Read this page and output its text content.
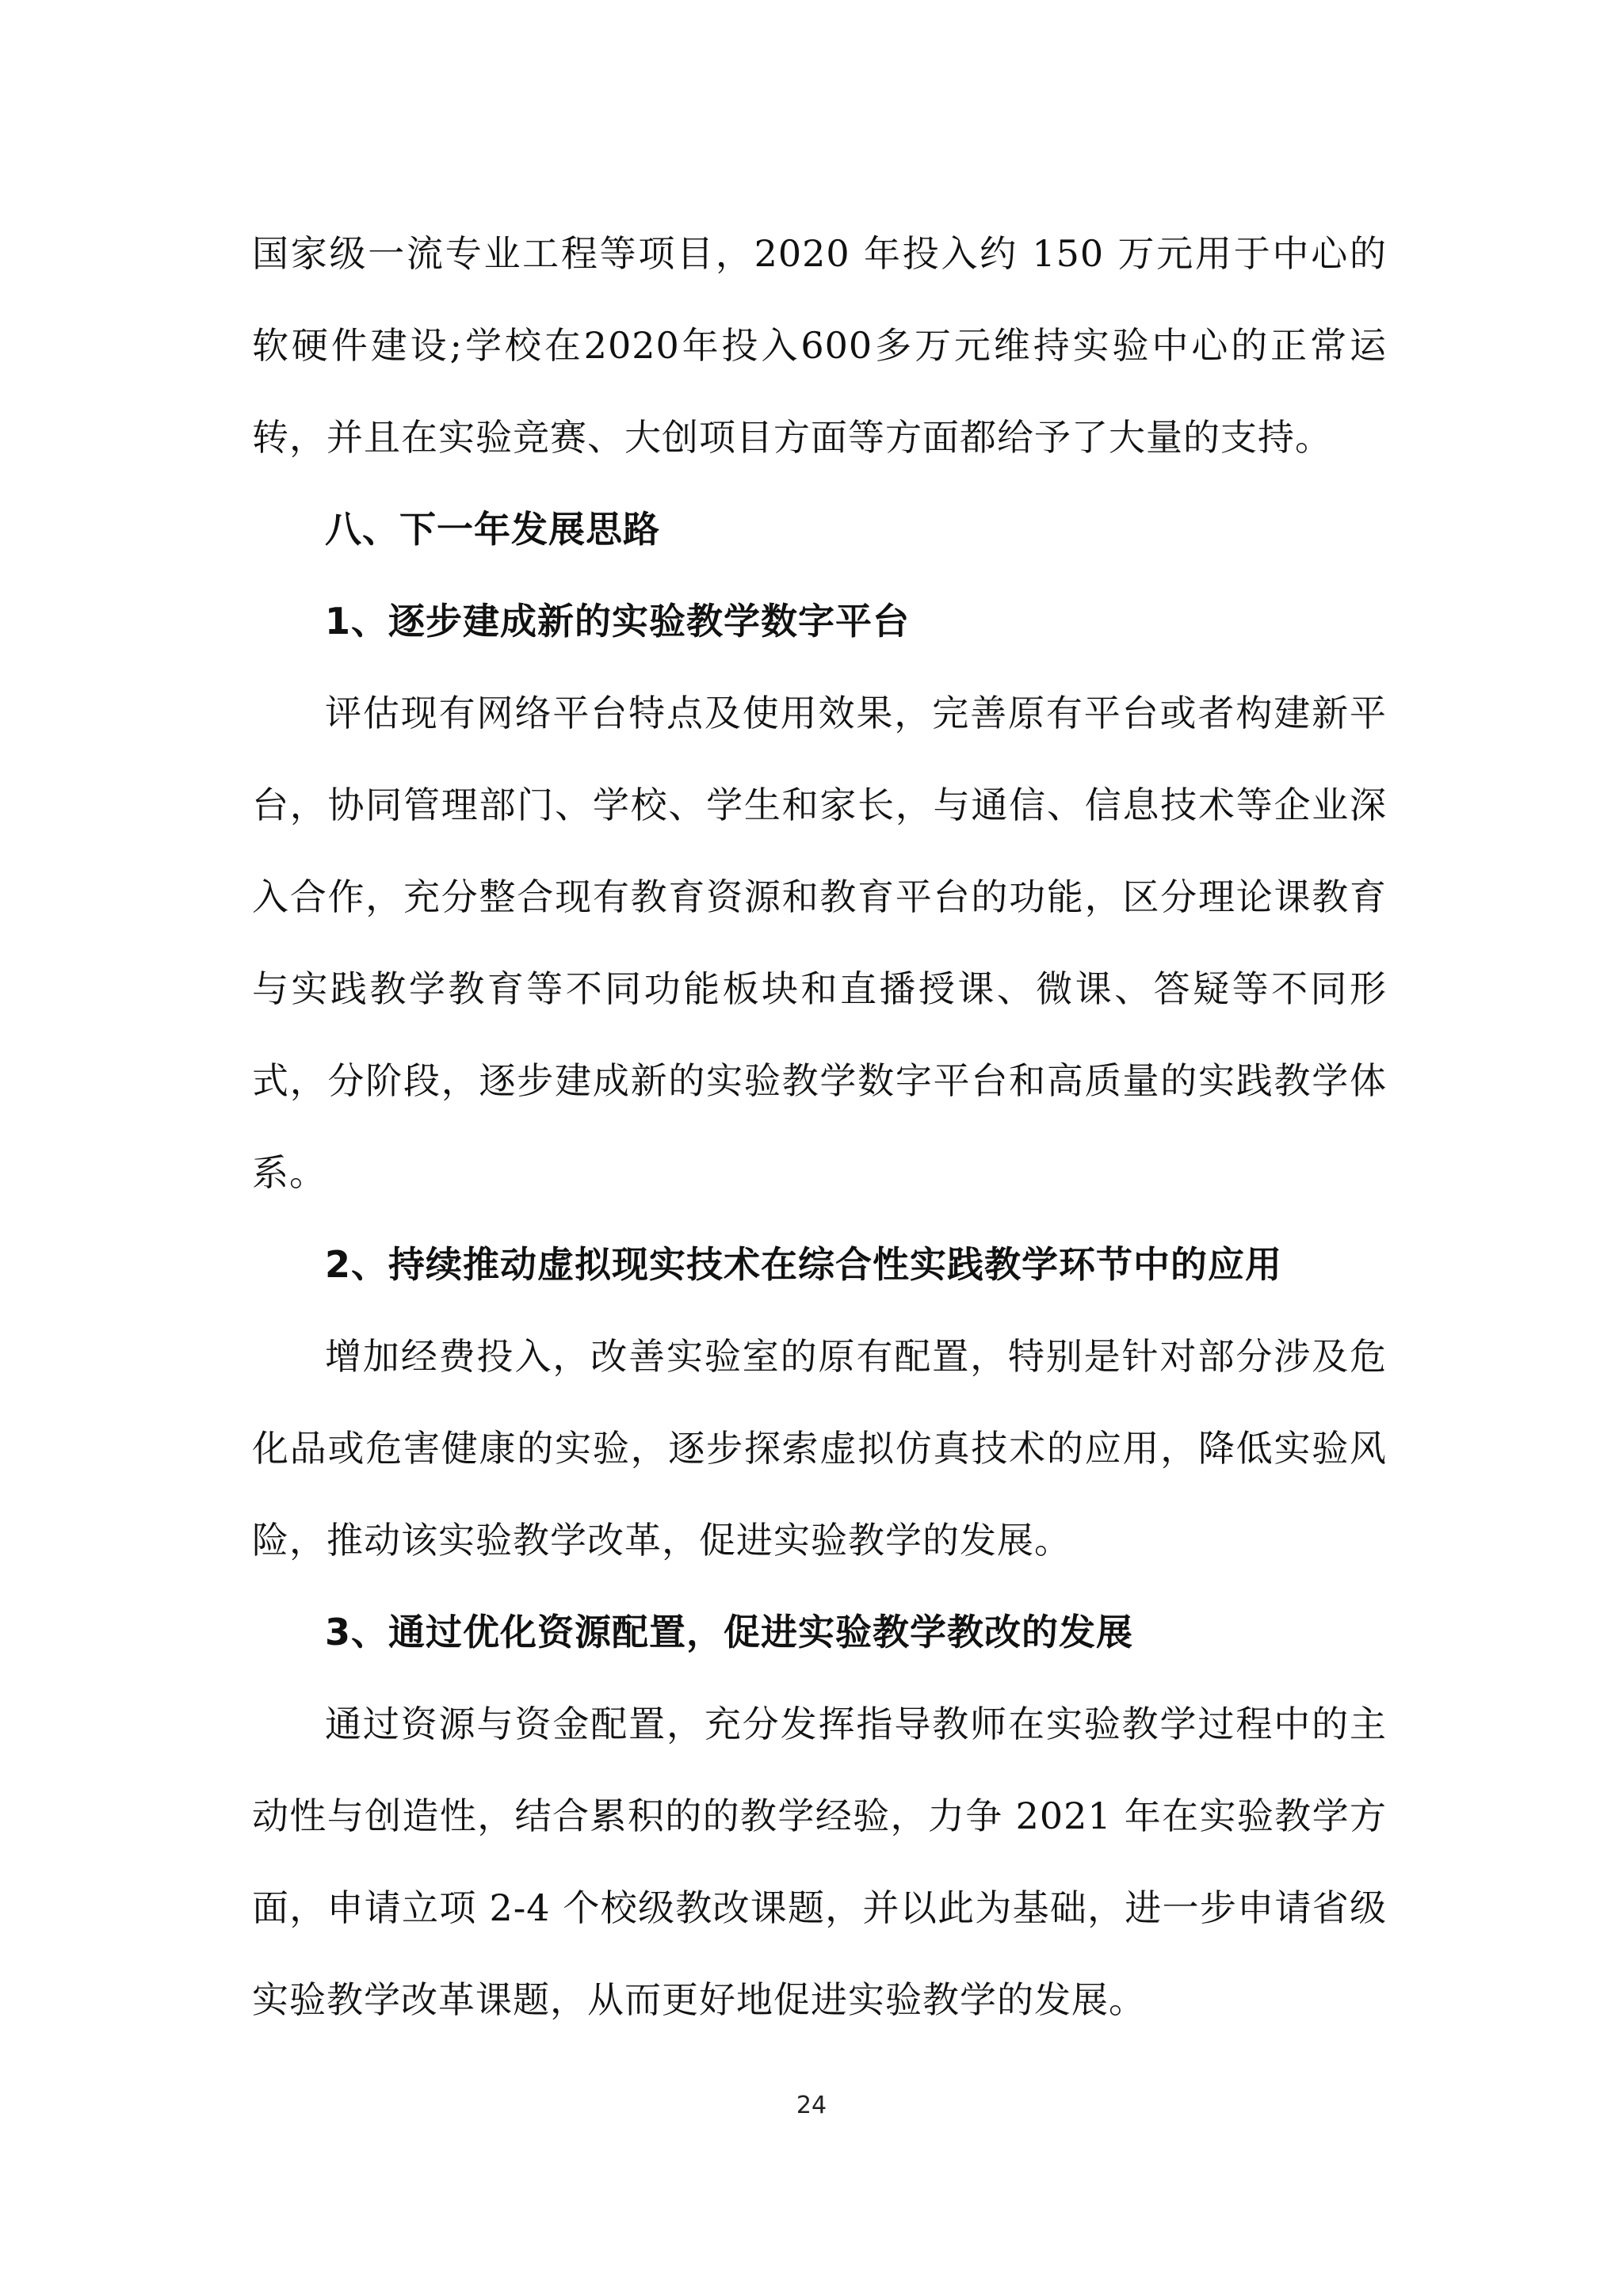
国家级一流专业工程等项目，2020 年投入约 150 万元用于中心的软硬件建设;学校在2020年投入600多万元维持实验中心的正常运转，并且在实验竞赛、大创项目方面等方面都给予了大量的支持。

八、下一年发展思路

1、逐步建成新的实验教学数字平台

评估现有网络平台特点及使用效果，完善原有平台或者构建新平台，协同管理部门、学校、学生和家长，与通信、信息技术等企业深入合作，充分整合现有教育资源和教育平台的功能，区分理论课教育与实践教学教育等不同功能板块和直播授课、微课、答疑等不同形式，分阶段，逐步建成新的实验教学数字平台和高质量的实践教学体系。

2、持续推动虚拟现实技术在综合性实践教学环节中的应用

增加经费投入，改善实验室的原有配置，特别是针对部分涉及危化品或危害健康的实验，逐步探索虚拟仿真技术的应用，降低实验风险，推动该实验教学改革，促进实验教学的发展。

3、通过优化资源配置，促进实验教学教改的发展

通过资源与资金配置，充分发挥指导教师在实验教学过程中的主动性与创造性，结合累积的的教学经验，力争 2021 年在实验教学方面，申请立项 2-4 个校级教改课题，并以此为基础，进一步申请省级实验教学改革课题，从而更好地促进实验教学的发展。

24
